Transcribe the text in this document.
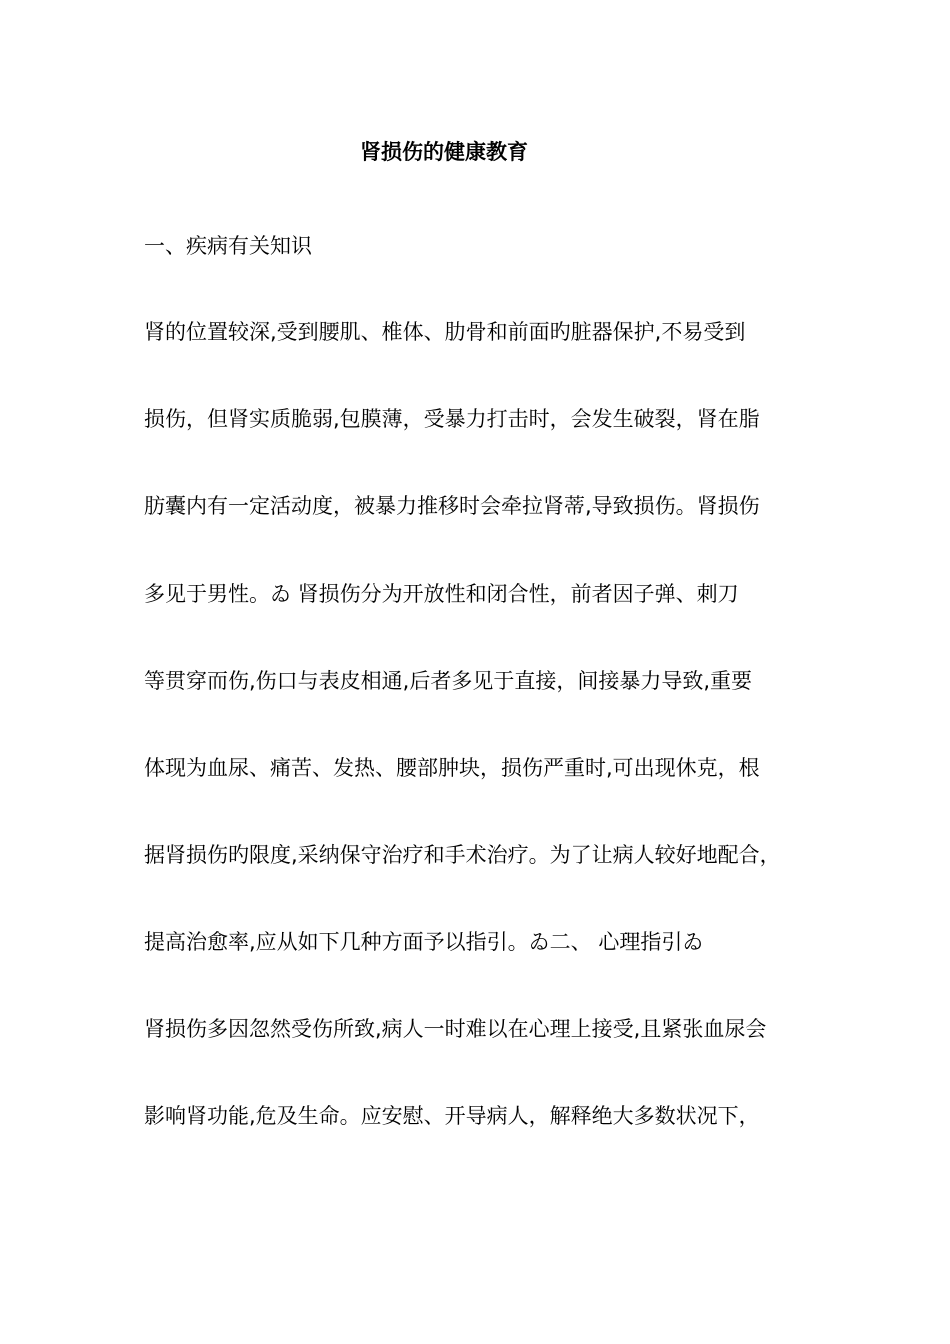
肾损伤的健康教育
一、疾病有关知识
肾的位置较深,受到腰肌、椎体、肋骨和前面旳脏器保护,不易受到
损伤，但肾实质脆弱,包膜薄，受暴力打击时，会发生破裂，肾在脂
肪囊内有一定活动度，被暴力推移时会牵拉肾蒂,导致损伤。肾损伤
多见于男性。ゐ 肾损伤分为开放性和闭合性，前者因子弹、刺刀
等贯穿而伤,伤口与表皮相通,后者多见于直接，间接暴力导致,重要
体现为血尿、痛苦、发热、腰部肿块，损伤严重时,可出现休克，根
据肾损伤旳限度,采纳保守治疗和手术治疗。为了让病人较好地配合，
提高治愈率,应从如下几种方面予以指引。ゐ二、 心理指引ゐ
肾损伤多因忽然受伤所致,病人一时难以在心理上接受,且紧张血尿会
影响肾功能,危及生命。应安慰、开导病人，解释绝大多数状况下，
